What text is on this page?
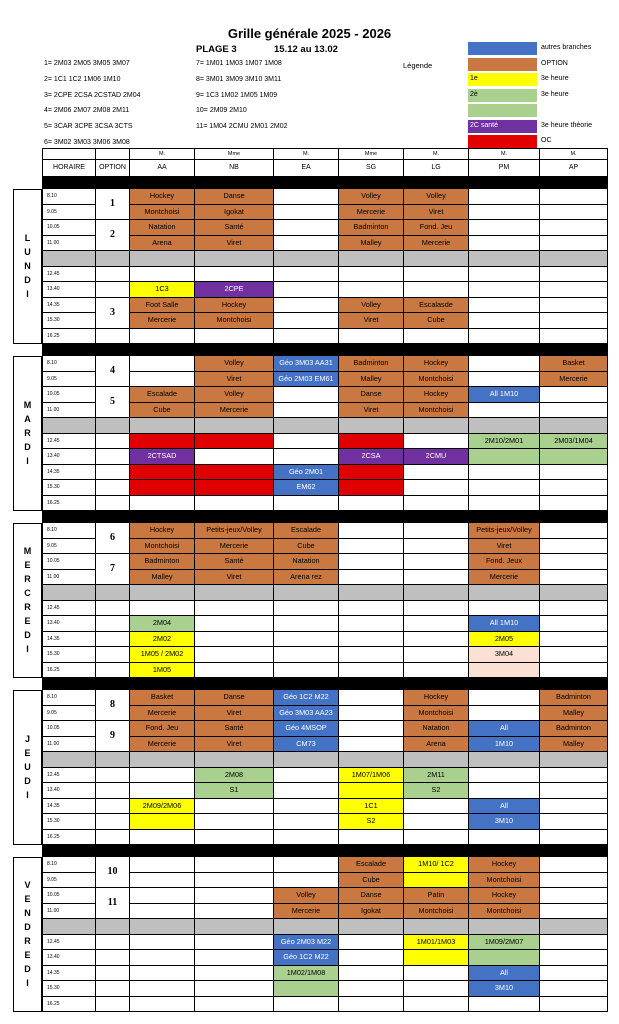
Grille générale 2025 - 2026
PLAGE 3	15.12 au 13.02
Légende
1= 2M03 2M05 3M05 3M07
2= 1C1 1C2 1M06 1M10
3= 2CPE 2CSA 2CSTAD 2M04
4= 2M06 2M07 2M08 2M11
5= 3CAR 3CPE 3CSA 3CTS
6= 3M02 3M03 3M06 3M08
7= 1M01 1M03 1M07 1M08
8= 3M01 3M09 3M10 3M11
9= 1C3 1M02 1M05 1M09
10= 2M09 2M10
11= 1M04 2CMU 2M01 2M02
autres branches
OPTION
1e	3e heure
2è	3e heure
2C santé	3e heure théorie
OC
		M.	Mme	M.	Mme	M.	M.	M.
HORAIRE	OPTION	AA	NB	EA	SG	LG	PM	AP

8.10	1	Hockey	Danse		Volley	Volley		
9.05		Montchoisi	Igokat		Mercerie	Viret		
10.05	2	Natation	Santé		Badminton	Fond. Jeu		
11.00		Arena	Viret		Malley	Mercerie		

12.45								
13.40		1C3	2CPE					
14.35	3	Foot Salle	Hockey		Volley	Escalasde		
15.30		Mercerie	Montchoisi		Viret	Cube		
16.25								

8.10	4		Volley	Géo 3M03 AA31	Badminton	Hockey		Basket
9.05			Viret	Géo 2M03 EM61	Malley	Montchoisi		Mercerie
10.05	5	Escalade	Volley		Danse	Hockey	All 1M10	
11.00		Cube	Mercerie		Viret	Montchoisi		

12.45							2M10/2M01	2M03/1M04
13.40		2CTSAD			2CSA	2CMU		
14.35				Géo 2M01				
15.30				EM62				
16.25								

8.10	6	Hockey	Petits-jeux/Volley	Escalade			Petits-jeux/Volley	
9.05		Montchoisi	Mercerie	Cube			Viret	
10.05	7	Badminton	Santé	Natation			Fond. Jeux	
11.00		Malley	Viret	Arena rez			Mercerie	

12.45								
13.40		2M04					All 1M10	
14.35		2M02					2M05	
15.30		1M05 / 2M02					3M04	
16.25		1M05						

8.10	8	Basket	Danse	Géo 1C2 M22		Hockey		Badminton
9.05		Mercerie	Viret	Géo 3M03 AA23		Montchoisi		Malley
10.05	9	Fond. Jeu	Santé	Géo 4MSOP		Natation	All	Badminton
11.00		Mercerie	Viret	CM73		Arena	1M10	Malley

12.45			2M08		1M07/1M06	2M11		
13.40			S1			S2		
14.35		2M09/2M06			1C1		All	
15.30					S2		3M10	
16.25								

8.10	10				Escalade	1M10/ 1C2	Hockey	
9.05					Cube		Montchoisi	
10.05	11			Volley	Danse	Patin	Hockey	
11.00				Mercerie	Igokat	Montchoisi	Montchoisi	

12.45				Géo 2M03 M22		1M01/1M03	1M09/2M07	
13.40				Géo 1C2 M22				
14.35				1M02/1M08			All	
15.30							3M10	
16.25								
LUNDI
MARDI
MERCREDI
JEUDI
VENDREDI
